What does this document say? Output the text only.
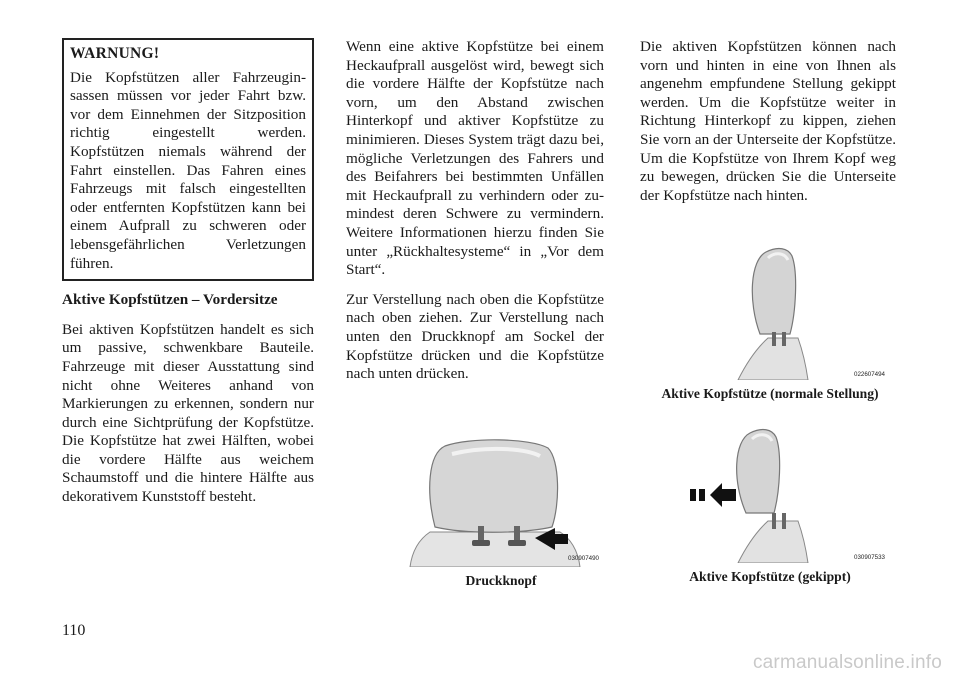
WARNUNG!

Die Kopfstützen aller Fahrzeuginsassen müssen vor jeder Fahrt bzw. vor dem Einnehmen der Sitzposition richtig eingestellt werden. Kopfstützen niemals während der Fahrt einstellen. Das Fahren eines Fahrzeugs mit falsch eingestellten oder entfernten Kopfstützen kann bei einem Aufprall zu schweren oder lebensgefährlichen Verletzungen führen.

Aktive Kopfstützen – Vordersitze

Bei aktiven Kopfstützen handelt es sich um passive, schwenkbare Bauteile. Fahrzeuge mit dieser Ausstattung sind nicht ohne Weiteres anhand von Markierungen zu erkennen, sondern nur durch eine Sichtprüfung der Kopfstütze. Die Kopfstütze hat zwei Hälften, wobei die vordere Hälfte aus weichem Schaumstoff und die hintere Hälfte aus dekorativem Kunststoff besteht.

Wenn eine aktive Kopfstütze bei einem Heckaufprall ausgelöst wird, bewegt sich die vordere Hälfte der Kopfstütze nach vorn, um den Abstand zwischen Hinterkopf und aktiver Kopfstütze zu minimieren. Dieses System trägt dazu bei, mögliche Verletzungen des Fahrers und des Beifahrers bei bestimmten Unfällen mit Heckaufprall zu verhindern oder zumindest deren Schwere zu vermindern. Weitere Informationen hierzu finden Sie unter „Rückhaltesysteme“ in „Vor dem Start“.

Zur Verstellung nach oben die Kopfstütze nach oben ziehen. Zur Verstellung nach unten den Druckknopf am Sockel der Kopfstütze drücken und die Kopfstütze nach unten drücken.

Die aktiven Kopfstützen können nach vorn und hinten in eine von Ihnen als angenehm empfundene Stellung gekippt werden. Um die Kopfstütze weiter in Richtung Hinterkopf zu kippen, ziehen Sie vorn an der Unterseite der Kopfstütze. Um die Kopfstütze von Ihrem Kopf weg zu bewegen, drücken Sie die Unterseite der Kopfstütze nach hinten.

030907490
Druckknopf
022607494
Aktive Kopfstütze (normale Stellung)
030907533
Aktive Kopfstütze (gekippt)
110
carmanualsonline.info
